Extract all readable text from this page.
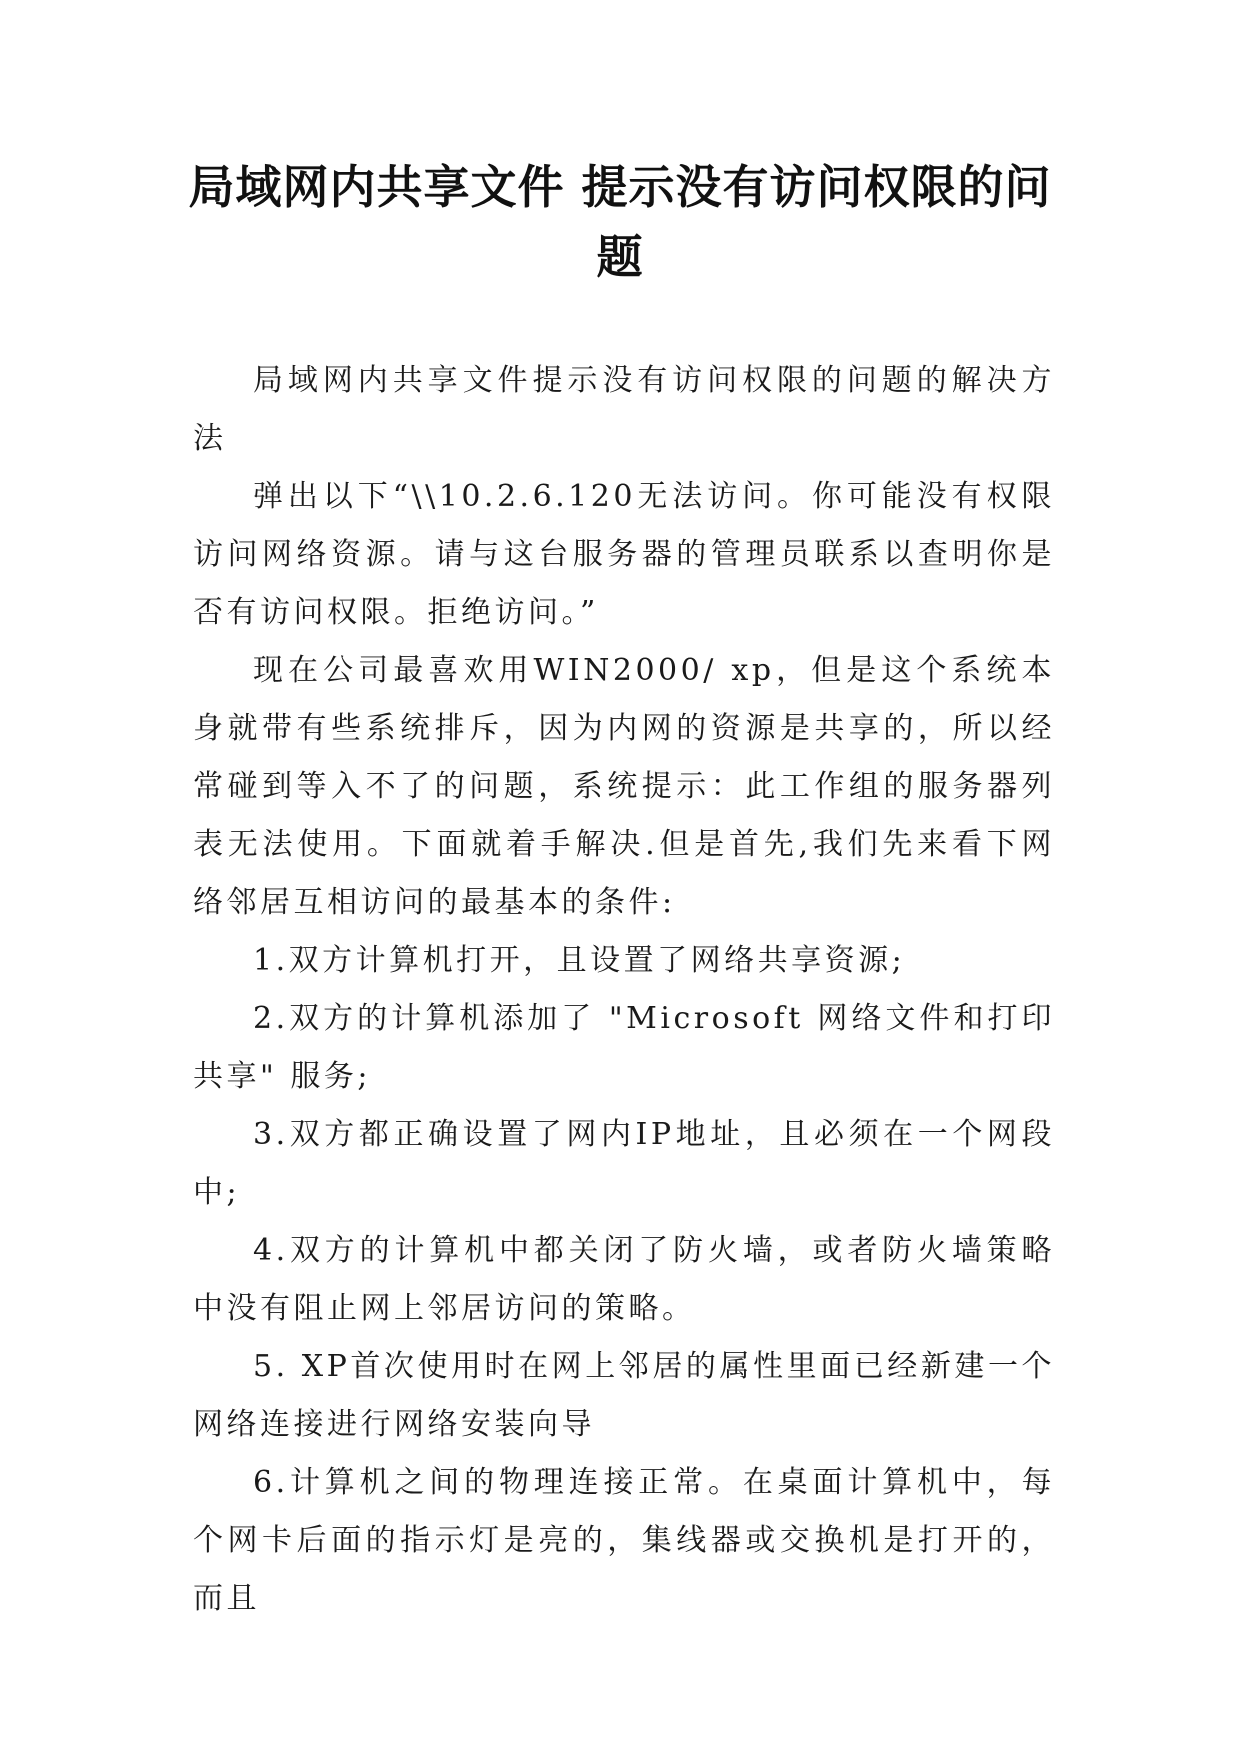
局域网内共享文件 提示没有访问权限的问题

局域网内共享文件提示没有访问权限的问题的解决方法

弹出以下“\\10.2.6.120无法访问。你可能没有权限访问网络资源。请与这台服务器的管理员联系以查明你是否有访问权限。拒绝访问。”

现在公司最喜欢用WIN2000/ xp，但是这个系统本身就带有些系统排斥，因为内网的资源是共享的，所以经常碰到等入不了的问题，系统提示：此工作组的服务器列表无法使用。下面就着手解决.但是首先,我们先来看下网络邻居互相访问的最基本的条件:

1.双方计算机打开，且设置了网络共享资源;

2.双方的计算机添加了 "Microsoft 网络文件和打印共享" 服务;

3.双方都正确设置了网内IP地址，且必须在一个网段中;

4.双方的计算机中都关闭了防火墙，或者防火墙策略中没有阻止网上邻居访问的策略。

5. XP首次使用时在网上邻居的属性里面已经新建一个网络连接进行网络安装向导

6.计算机之间的物理连接正常。在桌面计算机中，每个网卡后面的指示灯是亮的，集线器或交换机是打开的，而且
